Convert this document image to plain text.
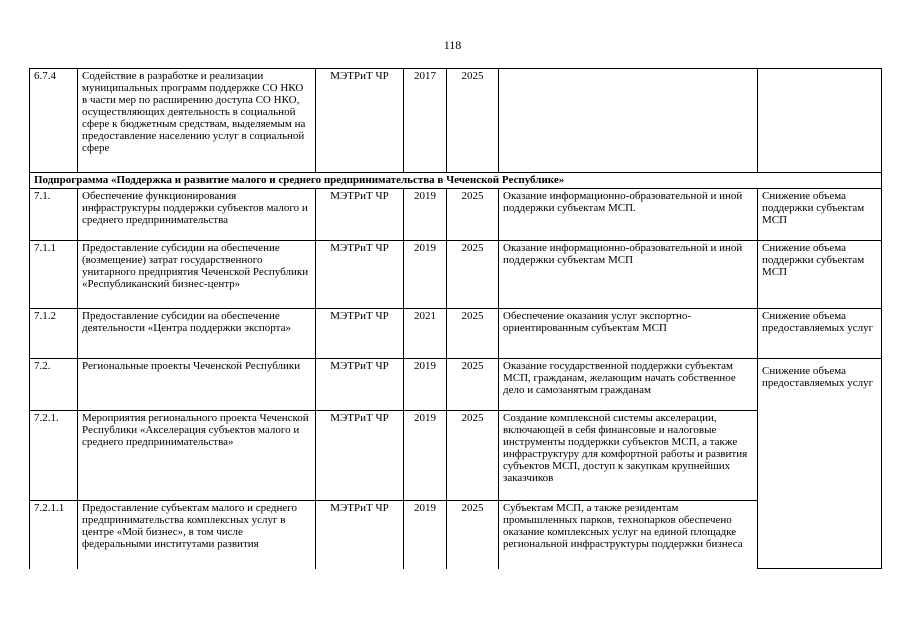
118
6.7.4	Содействие в разработке и реализации муниципальных программ поддержке СО НКО в части мер по расширению доступа СО НКО, осуществляющих деятельность в социальной сфере к бюджетным средствам, выделяемым на предоставление населению услуг в социальной сфере	МЭТРиТ ЧР	2017	2025		
Подпрограмма «Поддержка и развитие малого и среднего предпринимательства в Чеченской Республике»						
7.1.	Обеспечение функционирования инфраструктуры поддержки субъектов малого и среднего предпринимательства	МЭТРиТ ЧР	2019	2025	Оказание информационно-образовательной и иной поддержки субъектам МСП.	Снижение объема поддержки субъектам МСП
7.1.1	Предоставление субсидии на обеспечение (возмещение) затрат государственного унитарного предприятия Чеченской Республики «Республиканский бизнес-центр»	МЭТРиТ ЧР	2019	2025	Оказание информационно-образовательной и иной поддержки субъектам МСП	Снижение объема поддержки субъектам МСП
7.1.2	Предоставление субсидии на обеспечение деятельности «Центра поддержки экспорта»	МЭТРиТ ЧР	2021	2025	Обеспечение оказания услуг экспортно-ориентированным субъектам МСП	Снижение объема предоставляемых услуг
7.2.	Региональные проекты Чеченской Республики	МЭТРиТ ЧР	2019	2025	Оказание государственной поддержки субъектам МСП, гражданам, желающим начать собственное дело и самозанятым гражданам	Снижение объема предоставляемых услуг
7.2.1.	Мероприятия регионального проекта Чеченской Республики «Акселерация субъектов малого и среднего предпринимательства»	МЭТРиТ ЧР	2019	2025	Создание комплексной системы акселерации, включающей в себя финансовые и налоговые инструменты поддержки субъектов МСП, а также инфраструктуру для комфортной работы и развития субъектов МСП, доступ к закупкам крупнейших заказчиков	
7.2.1.1	Предоставление субъектам малого и среднего предпринимательства комплексных услуг в центре «Мой бизнес», в том числе федеральными институтами развития	МЭТРиТ ЧР	2019	2025	Субъектам МСП, а также резидентам промышленных парков, технопарков обеспечено оказание комплексных услуг на единой площадке региональной инфраструктуры поддержки бизнеса	
